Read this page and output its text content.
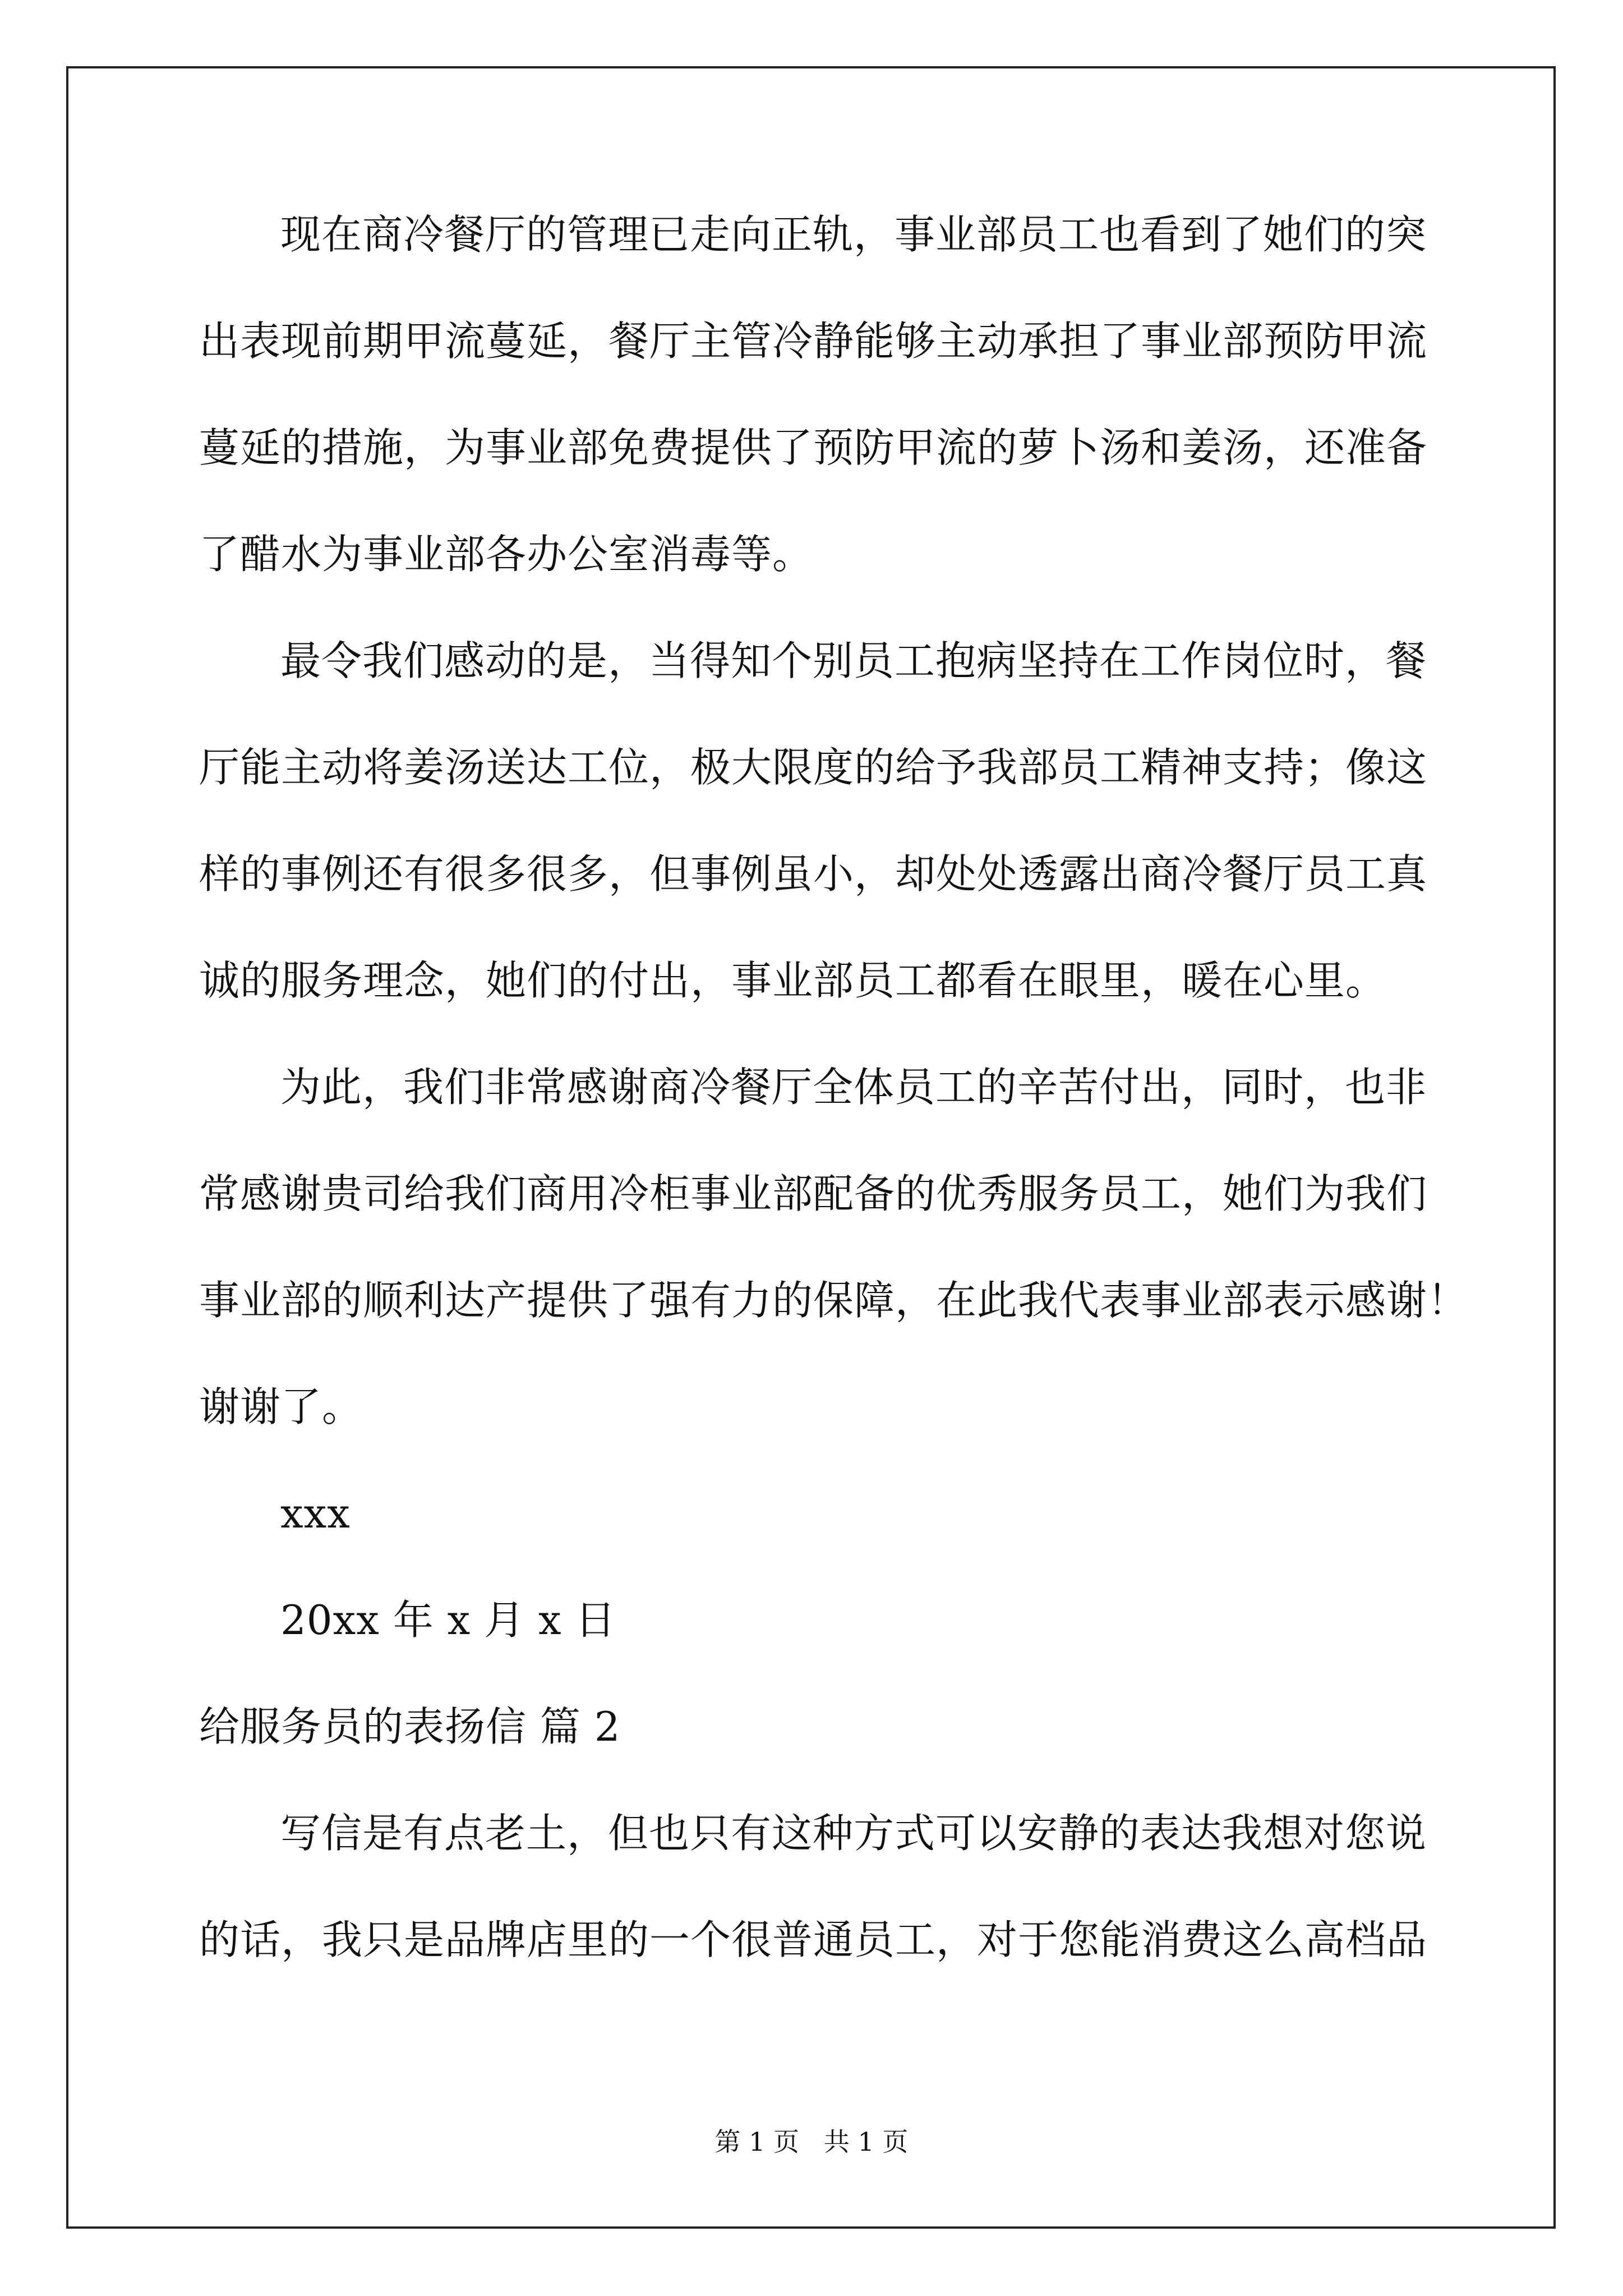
现在商冷餐厅的管理已走向正轨，事业部员工也看到了她们的突
出表现前期甲流蔓延，餐厅主管冷静能够主动承担了事业部预防甲流
蔓延的措施，为事业部免费提供了预防甲流的萝卜汤和姜汤，还准备
了醋水为事业部各办公室消毒等。
最令我们感动的是，当得知个别员工抱病坚持在工作岗位时，餐
厅能主动将姜汤送达工位，极大限度的给予我部员工精神支持；像这
样的事例还有很多很多，但事例虽小，却处处透露出商冷餐厅员工真
诚的服务理念，她们的付出，事业部员工都看在眼里，暖在心里。
为此，我们非常感谢商冷餐厅全体员工的辛苦付出，同时，也非
常感谢贵司给我们商用冷柜事业部配备的优秀服务员工，她们为我们
事业部的顺利达产提供了强有力的保障，在此我代表事业部表示感谢！
谢谢了。
xxx
20xx 年 x 月 x 日
给服务员的表扬信 篇 2
写信是有点老土，但也只有这种方式可以安静的表达我想对您说
的话，我只是品牌店里的一个很普通员工，对于您能消费这么高档品
第 1 页   共 1 页
